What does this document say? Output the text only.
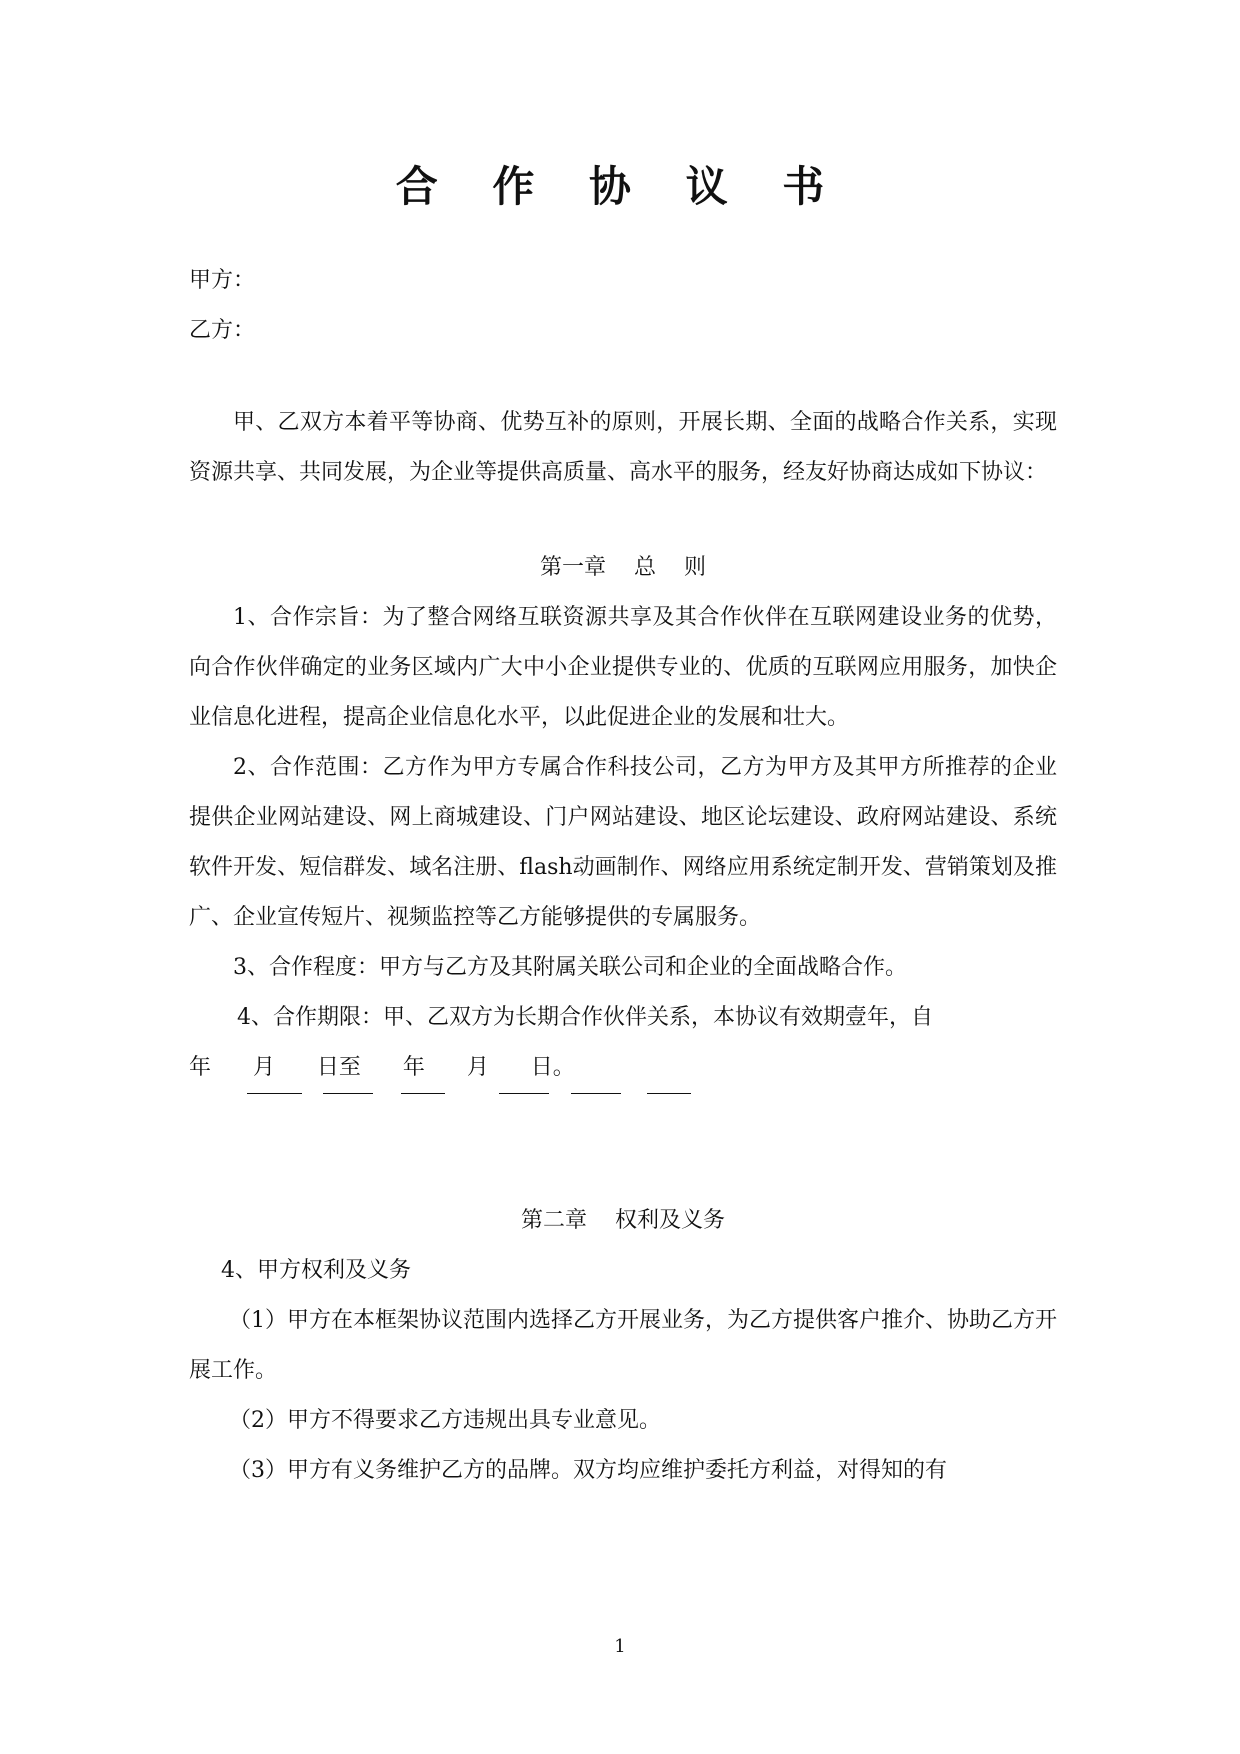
合 作 协 议 书
甲方：
乙方：

甲、乙双方本着平等协商、优势互补的原则，开展长期、全面的战略合作关系，实现资源共享、共同发展，为企业等提供高质量、高水平的服务，经友好协商达成如下协议：

第一章    总    则

1、合作宗旨：为了整合网络互联资源共享及其合作伙伴在互联网建设业务的优势，向合作伙伴确定的业务区域内广大中小企业提供专业的、优质的互联网应用服务，加快企业信息化进程，提高企业信息化水平，以此促进企业的发展和壮大。

2、合作范围：乙方作为甲方专属合作科技公司，乙方为甲方及其甲方所推荐的企业提供企业网站建设、网上商城建设、门户网站建设、地区论坛建设、政府网站建设、系统软件开发、短信群发、域名注册、flash动画制作、网络应用系统定制开发、营销策划及推广、企业宣传短片、视频监控等乙方能够提供的专属服务。

3、合作程度：甲方与乙方及其附属关联公司和企业的全面战略合作。

4、合作期限：甲、乙双方为长期合作伙伴关系，本协议有效期壹年，自

年      月      日至      年      月      日。
第二章    权利及义务

4、甲方权利及义务

（1）甲方在本框架协议范围内选择乙方开展业务，为乙方提供客户推介、协助乙方开展工作。

（2）甲方不得要求乙方违规出具专业意见。

（3）甲方有义务维护乙方的品牌。双方均应维护委托方利益，对得知的有

1
